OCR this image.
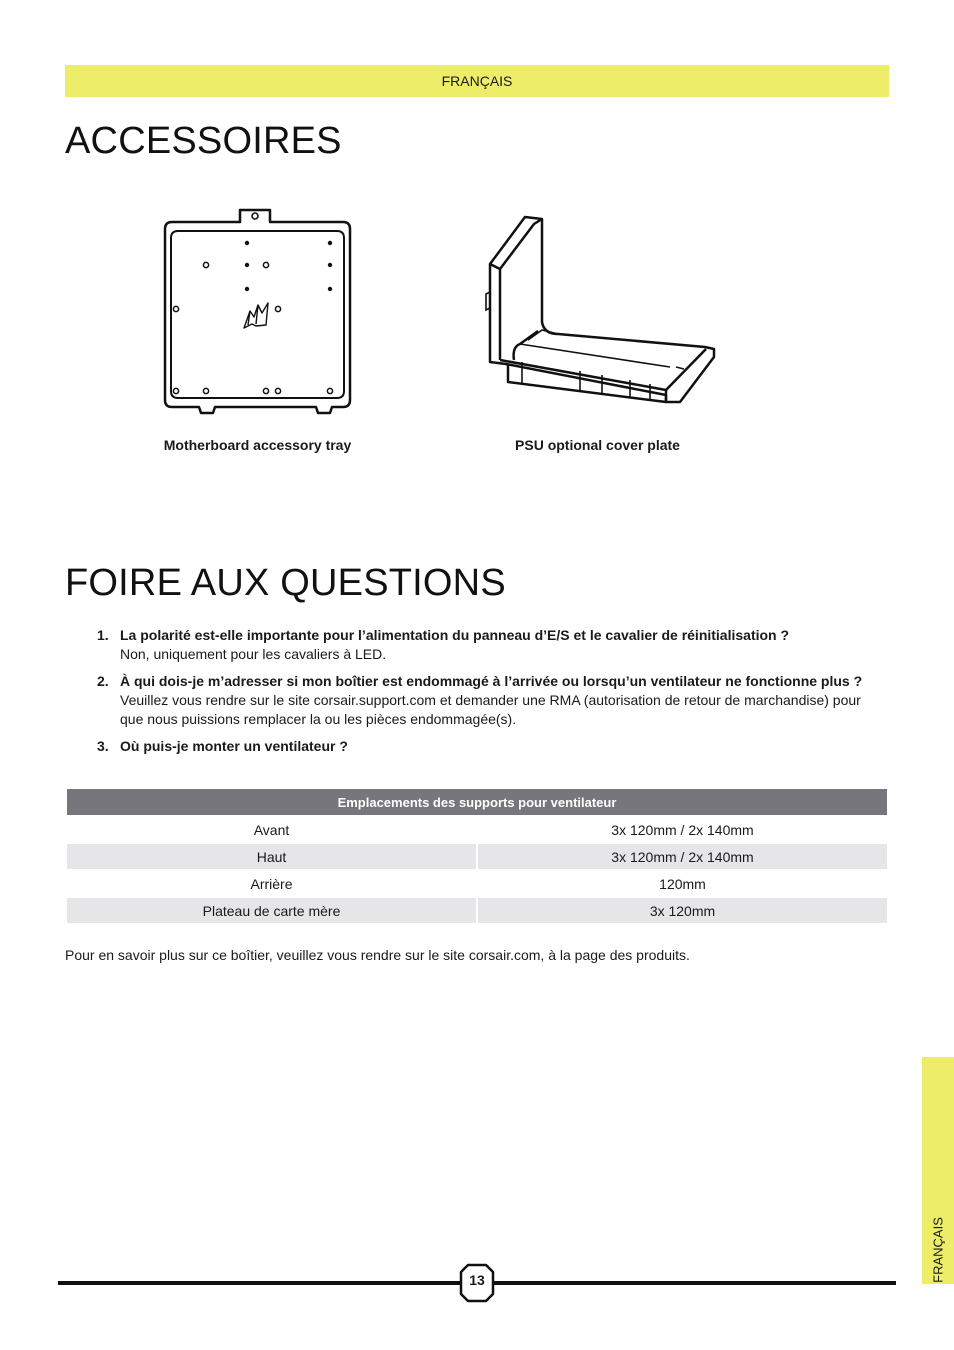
FRANÇAIS
ACCESSOIRES
Motherboard accessory tray	PSU optional cover plate
FOIRE AUX QUESTIONS
1. La polarité est-elle importante pour l’alimentation du panneau d’E/S et le cavalier de réinitialisation ?
Non, uniquement pour les cavaliers à LED.
2. À qui dois-je m’adresser si mon boîtier est endommagé à l’arrivée ou lorsqu’un ventilateur ne fonctionne plus ? Veuillez vous rendre sur le site corsair.support.com et demander une RMA (autorisation de retour de marchandise) pour que nous puissions remplacer la ou les pièces endommagée(s).
3. Où puis-je monter un ventilateur ?
Emplacements des supports pour ventilateur	
Avant	3x 120mm / 2x 140mm
Haut	3x 120mm / 2x 140mm
Arrière	120mm
Plateau de carte mère	3x 120mm
Pour en savoir plus sur ce boîtier, veuillez vous rendre sur le site corsair.com, à la page des produits.
FRANÇAIS
13
